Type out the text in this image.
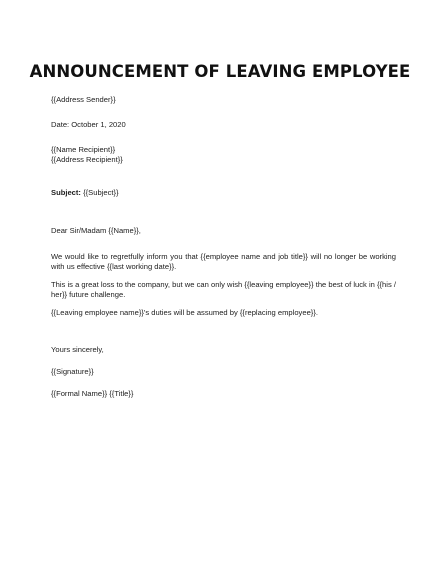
ANNOUNCEMENT OF LEAVING EMPLOYEE
{{Address Sender}}
Date: October 1, 2020
{{Name Recipient}}
{{Address Recipient}}
Subject: {{Subject}}
Dear Sir/Madam {{Name}},
We would like to regretfully inform you that {{employee name and job title}} will no longer be working with us effective {{last working date}}.
This is a great loss to the company, but we can only wish {{leaving employee}} the best of luck in {{his / her}} future challenge.
{{Leaving employee name}}'s duties will be assumed by {{replacing employee}}.
Yours sincerely,
{{Signature}}
{{Formal Name}} {{Title}}
